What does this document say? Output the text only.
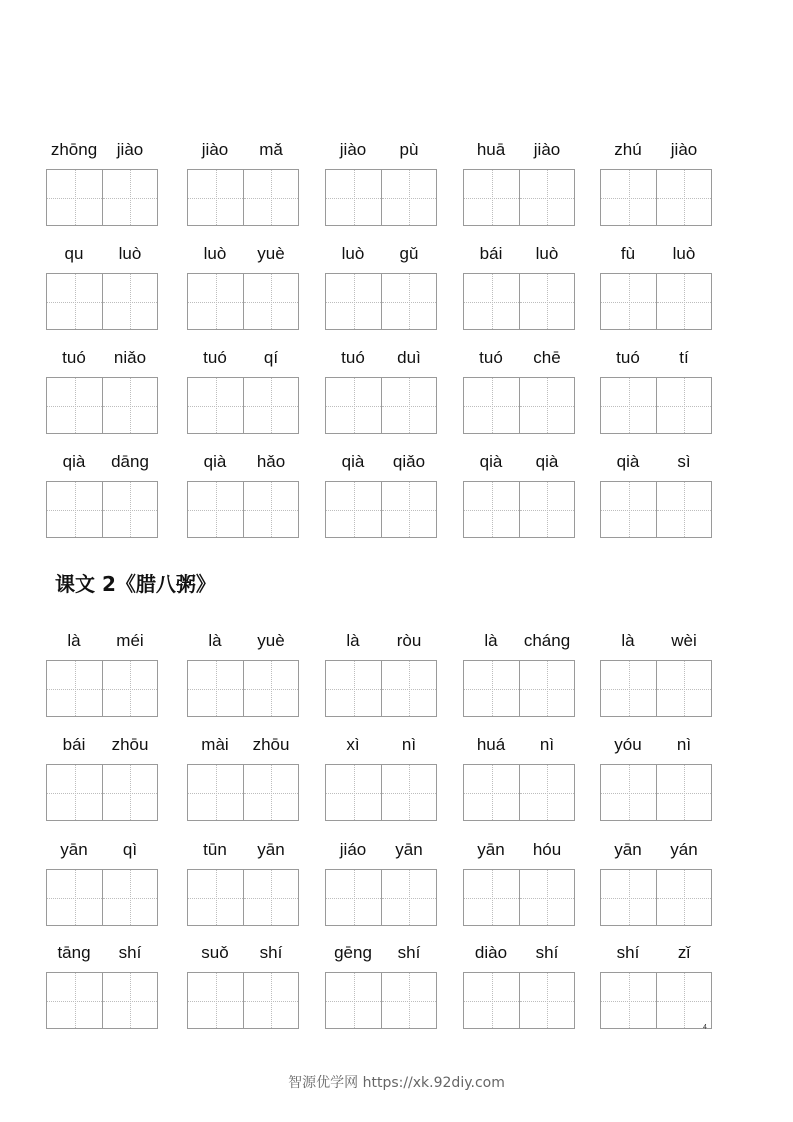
zhōng	jiào	jiào	mǎ	jiào	pù	huā	jiào	zhú	jiào
qu	luò	luò	yuè	luò	gǔ	bái	luò	fù	luò
tuó	niǎo	tuó	qí	tuó	duì	tuó	chē	tuó	tí
qià	dāng	qià	hǎo	qià	qiǎo	qià	qià	qià	sì
课文 2《腊八粥》
là	méi	là	yuè	là	ròu	là	cháng	là	wèi
bái	zhōu	mài	zhōu	xì	nì	huá	nì	yóu	nì
yān	qì	tūn	yān	jiáo	yān	yān	hóu	yān	yán
tāng	shí	suǒ	shí	gēng	shí	diào	shí	shí	zǐ
4
智源优学网 https://xk.92diy.com
